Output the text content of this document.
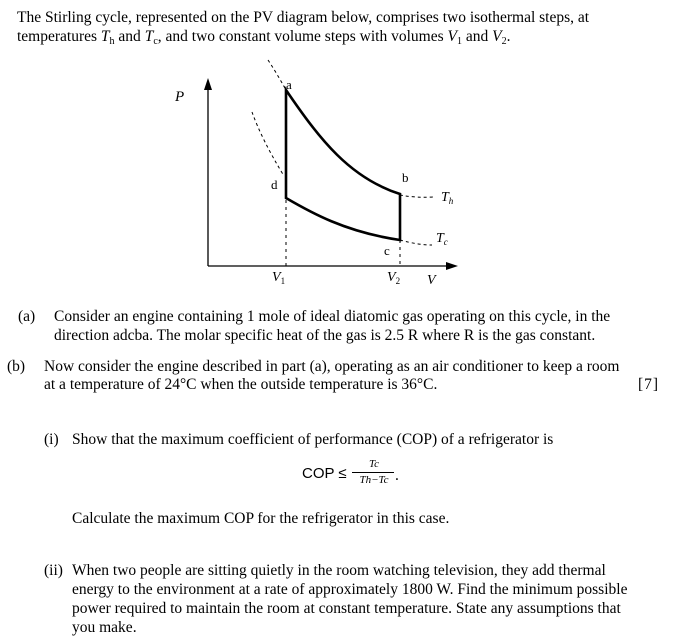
The Stirling cycle, represented on the PV diagram below, comprises two isothermal steps, at
temperatures $T_h$ and $T_c$, and two constant volume steps with volumes $V_1$ and $V_2$.
P
V
a
b
c
d
$T_h$
$T_c$
$V_1$	$V_2$
(a) Consider an engine containing 1 mole of ideal diatomic gas operating on this cycle, in the
direction adcba. The molar specific heat of the gas is 2.5 R where R is the gas constant.
(b) Now consider the engine described in part (a), operating as an air conditioner to keep a room
at a temperature of 24°C when the outside temperature is 36°C.	[7]
(i) Show that the maximum coefficient of performance (COP) of a refrigerator is
COP ≤
Tc
Th−Tc .
Calculate the maximum COP for the refrigerator in this case.
(ii) When two people are sitting quietly in the room watching television, they add thermal
energy to the environment at a rate of approximately 1800 W. Find the minimum possible
power required to maintain the room at constant temperature. State any assumptions that
you make.
